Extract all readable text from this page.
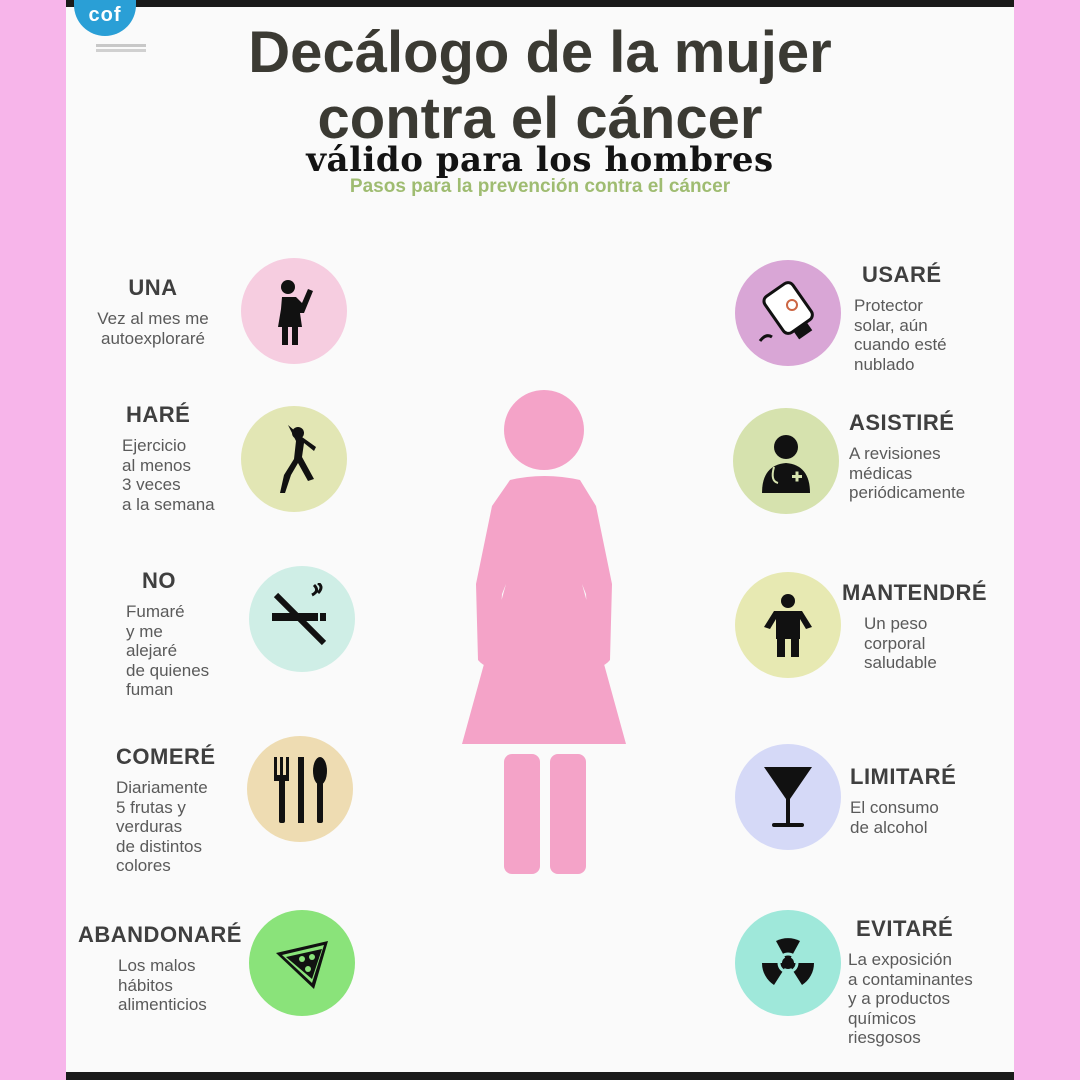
cof
Decálogo de la mujer
contra el cáncer
válido para los hombres
Pasos para la prevención contra el cáncer
UNA
Vez al mes me
autoexploraré
HARÉ
Ejercicio
al menos
3 veces
a la semana
NO
Fumaré
y me
alejaré
de quienes
fuman
COMERÉ
Diariamente
5 frutas y
verduras
de distintos
colores
ABANDONARÉ
Los malos
hábitos
alimenticios
USARÉ
Protector
solar, aún
cuando esté
nublado
ASISTIRÉ
A revisiones
médicas
periódicamente
MANTENDRÉ
Un peso
corporal
saludable
LIMITARÉ
El consumo
de alcohol
EVITARÉ
La exposición
a contaminantes
y a productos
químicos
riesgosos
